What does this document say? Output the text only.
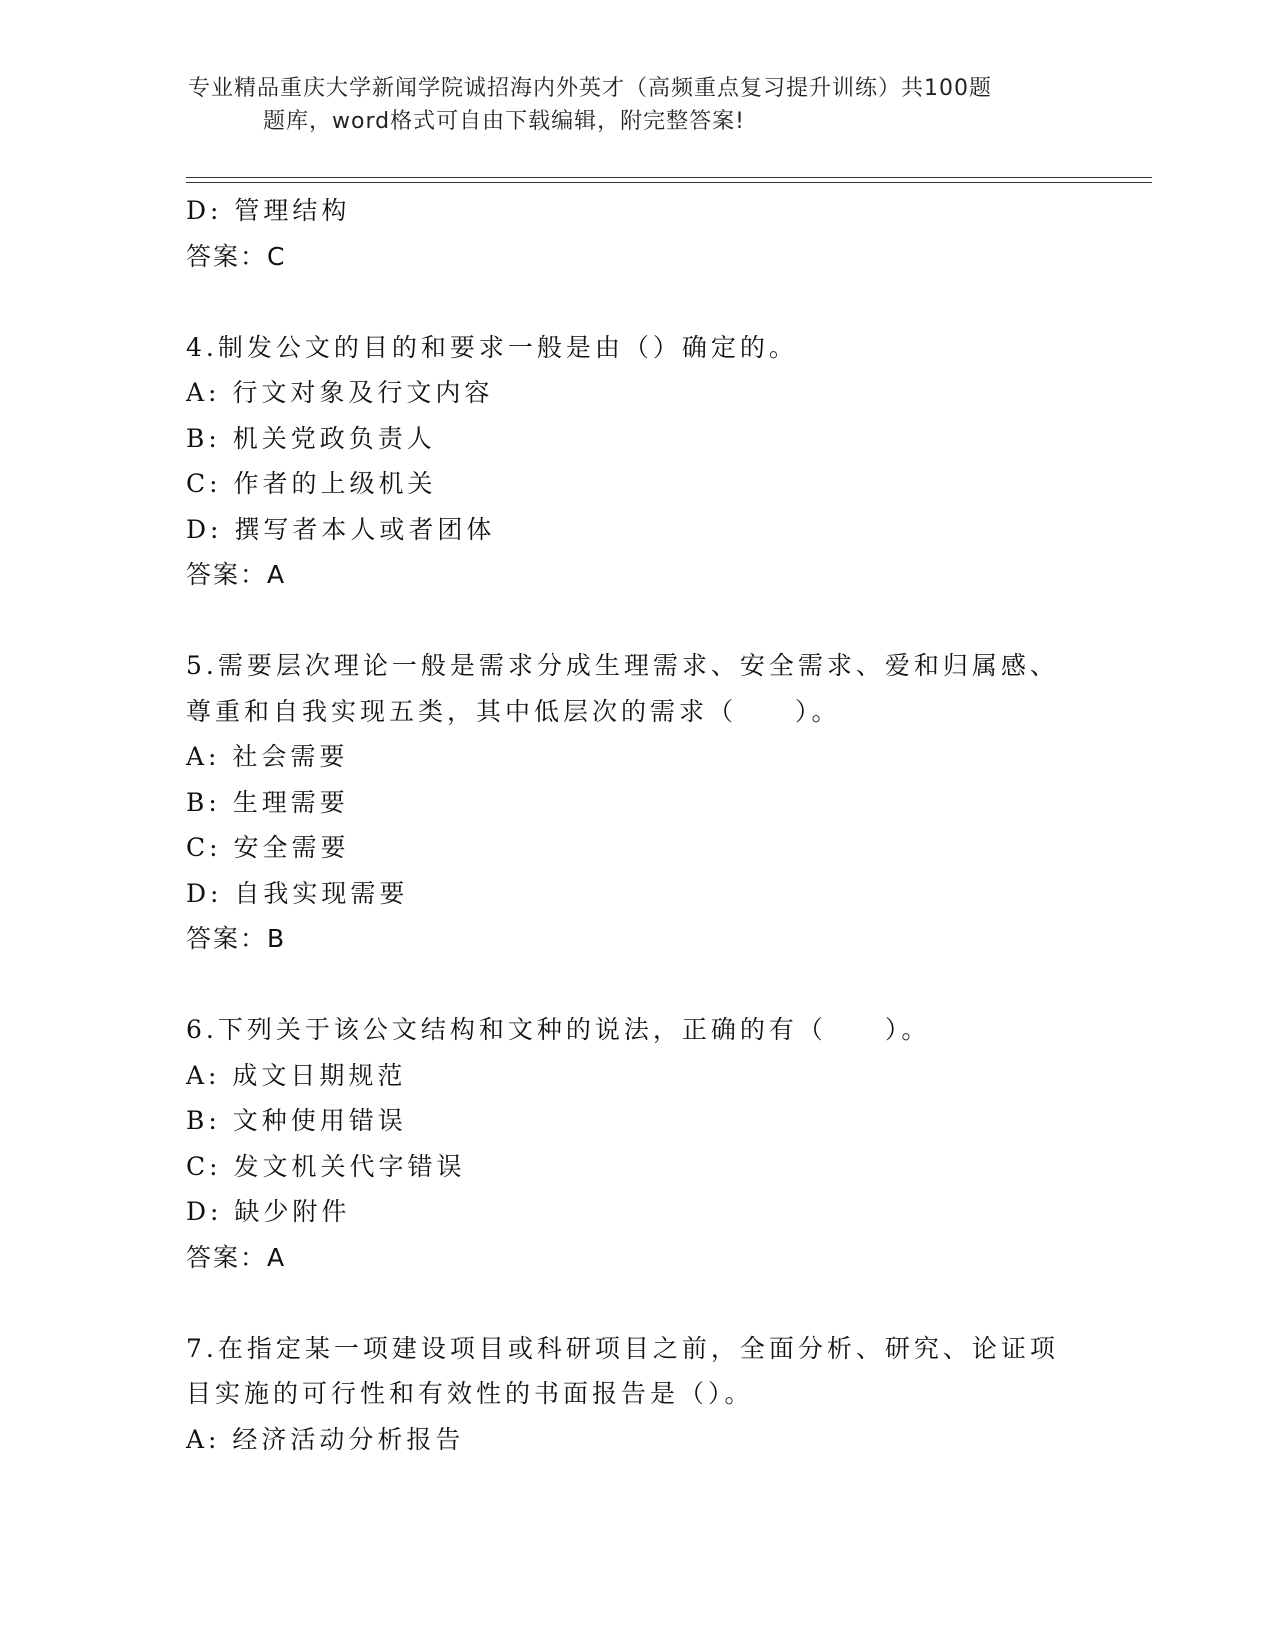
专业精品重庆大学新闻学院诚招海内外英才（高频重点复习提升训练）共100题
题库，word格式可自由下载编辑，附完整答案!
D: 管理结构
答案：C
4.制发公文的目的和要求一般是由（）确定的。
A: 行文对象及行文内容
B: 机关党政负责人
C: 作者的上级机关
D: 撰写者本人或者团体
答案：A
5.需要层次理论一般是需求分成生理需求、安全需求、爱和归属感、
尊重和自我实现五类，其中低层次的需求（　　）。
A: 社会需要
B: 生理需要
C: 安全需要
D: 自我实现需要
答案：B
6.下列关于该公文结构和文种的说法，正确的有（　　）。
A: 成文日期规范
B: 文种使用错误
C: 发文机关代字错误
D: 缺少附件
答案：A
7.在指定某一项建设项目或科研项目之前，全面分析、研究、论证项
目实施的可行性和有效性的书面报告是（）。
A: 经济活动分析报告
